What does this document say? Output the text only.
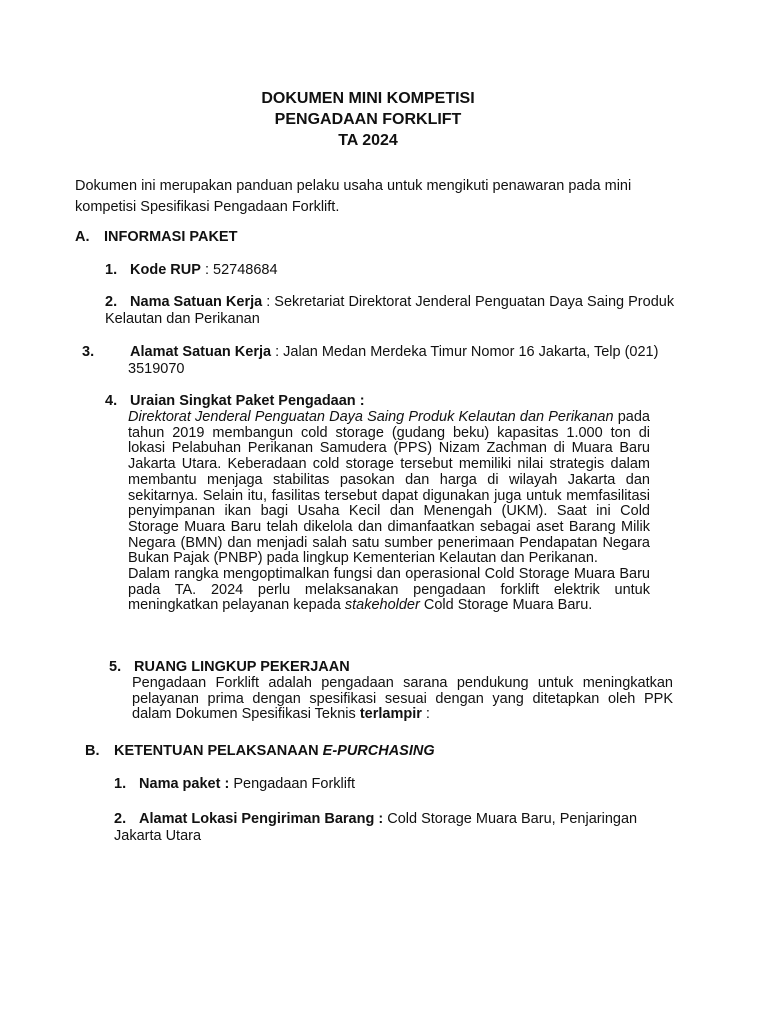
DOKUMEN MINI KOMPETISI
PENGADAAN FORKLIFT
TA 2024
Dokumen ini merupakan panduan pelaku usaha untuk mengikuti penawaran pada mini kompetisi Spesifikasi Pengadaan Forklift.
A. INFORMASI PAKET
1. Kode RUP : 52748684
2. Nama Satuan Kerja : Sekretariat Direktorat Jenderal Penguatan Daya Saing Produk Kelautan dan Perikanan
3. Alamat Satuan Kerja : Jalan Medan Merdeka Timur Nomor 16 Jakarta, Telp (021) 3519070
4. Uraian Singkat Paket Pengadaan :

Direktorat Jenderal Penguatan Daya Saing Produk Kelautan dan Perikanan pada tahun 2019 membangun cold storage (gudang beku) kapasitas 1.000 ton di lokasi Pelabuhan Perikanan Samudera (PPS) Nizam Zachman di Muara Baru Jakarta Utara. Keberadaan cold storage tersebut memiliki nilai strategis dalam membantu menjaga stabilitas pasokan dan harga di wilayah Jakarta dan sekitarnya. Selain itu, fasilitas tersebut dapat digunakan juga untuk memfasilitasi penyimpanan ikan bagi Usaha Kecil dan Menengah (UKM). Saat ini Cold Storage Muara Baru telah dikelola dan dimanfaatkan sebagai aset Barang Milik Negara (BMN) dan menjadi salah satu sumber penerimaan Pendapatan Negara Bukan Pajak (PNBP) pada lingkup Kementerian Kelautan dan Perikanan.

Dalam rangka mengoptimalkan fungsi dan operasional Cold Storage Muara Baru pada TA. 2024 perlu melaksanakan pengadaan forklift elektrik untuk meningkatkan pelayanan kepada stakeholder Cold Storage Muara Baru.

5. RUANG LINGKUP PEKERJAAN

Pengadaan Forklift adalah pengadaan sarana pendukung untuk meningkatkan pelayanan prima dengan spesifikasi sesuai dengan yang ditetapkan oleh PPK dalam Dokumen Spesifikasi Teknis terlampir :

B. KETENTUAN PELAKSANAAN E-PURCHASING
1. Nama paket : Pengadaan Forklift
2. Alamat Lokasi Pengiriman Barang : Cold Storage Muara Baru, Penjaringan Jakarta Utara
